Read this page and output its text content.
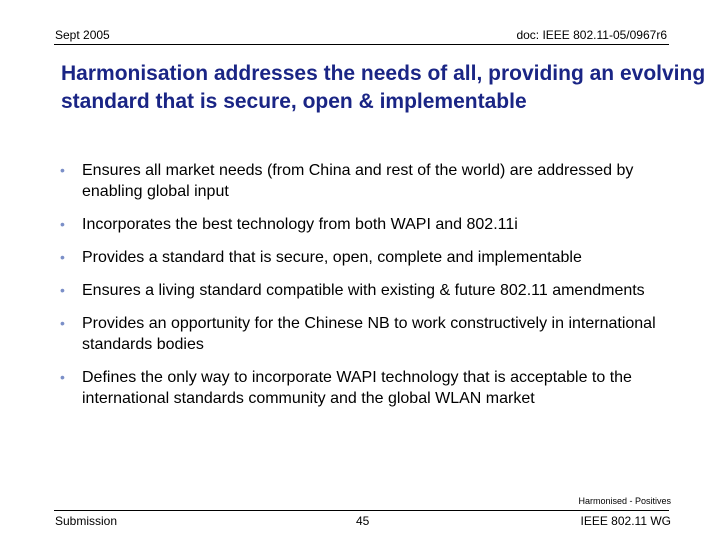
Sept 2005	doc: IEEE 802.11-05/0967r6
Harmonisation addresses the needs of all, providing an evolving standard that is secure, open & implementable
• Ensures all market needs (from China and rest of the world) are addressed by enabling global input
• Incorporates the best technology from both WAPI and 802.11i
• Provides a standard that is secure, open, complete and implementable
• Ensures a living standard compatible with existing & future 802.11 amendments
• Provides an opportunity for the Chinese NB to work constructively in international standards bodies
• Defines the only way to incorporate WAPI technology that is acceptable to the international standards community and the global WLAN market
Harmonised - Positives
Submission	45	IEEE 802.11 WG
